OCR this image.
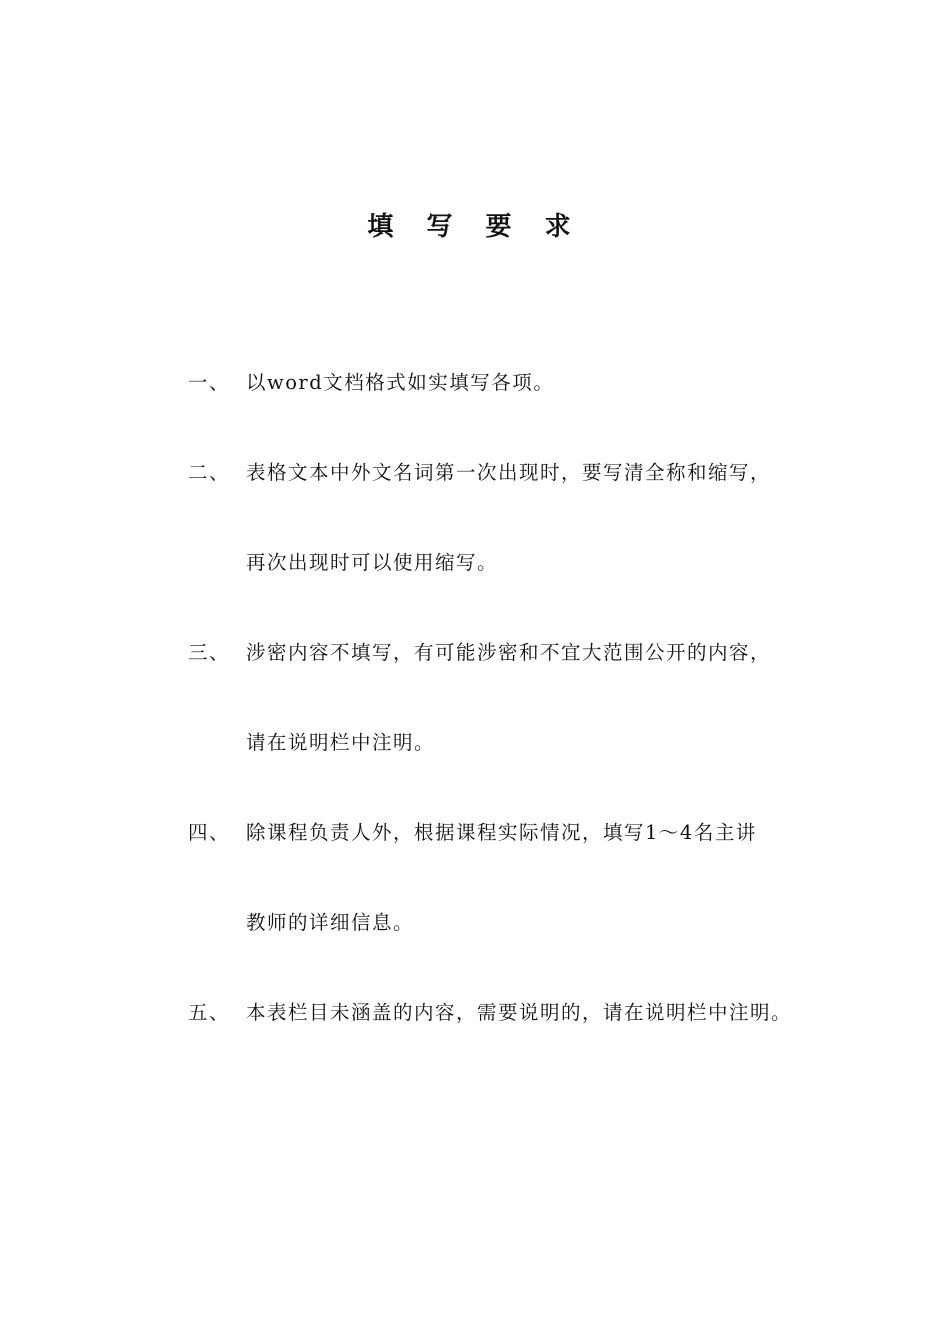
填 写 要 求
一、 以word文档格式如实填写各项。
二、 表格文本中外文名词第一次出现时，要写清全称和缩写，
再次出现时可以使用缩写。
三、 涉密内容不填写，有可能涉密和不宜大范围公开的内容，
请在说明栏中注明。
四、 除课程负责人外，根据课程实际情况，填写1～4名主讲
教师的详细信息。
五、 本表栏目未涵盖的内容，需要说明的，请在说明栏中注明。
